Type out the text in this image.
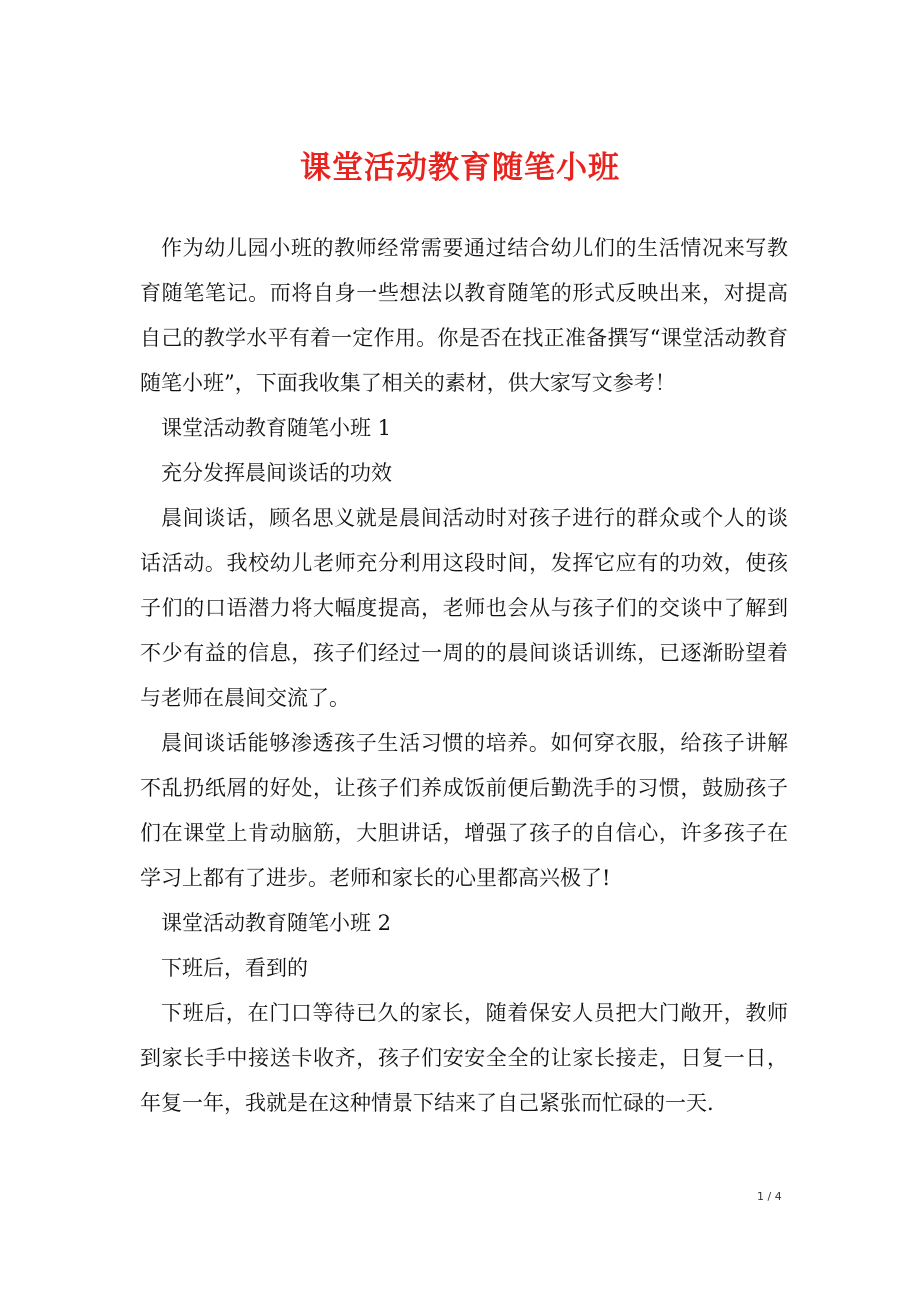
课堂活动教育随笔小班

作为幼儿园小班的教师经常需要通过结合幼儿们的生活情况来写教育随笔笔记。而将自身一些想法以教育随笔的形式反映出来，对提高自己的教学水平有着一定作用。你是否在找正准备撰写“课堂活动教育随笔小班”，下面我收集了相关的素材，供大家写文参考！

课堂活动教育随笔小班 1

充分发挥晨间谈话的功效

晨间谈话，顾名思义就是晨间活动时对孩子进行的群众或个人的谈话活动。我校幼儿老师充分利用这段时间，发挥它应有的功效，使孩子们的口语潜力将大幅度提高，老师也会从与孩子们的交谈中了解到不少有益的信息，孩子们经过一周的的晨间谈话训练，已逐渐盼望着与老师在晨间交流了。

晨间谈话能够渗透孩子生活习惯的培养。如何穿衣服，给孩子讲解不乱扔纸屑的好处，让孩子们养成饭前便后勤洗手的习惯，鼓励孩子们在课堂上肯动脑筋，大胆讲话，增强了孩子的自信心，许多孩子在学习上都有了进步。老师和家长的心里都高兴极了!

课堂活动教育随笔小班 2

下班后，看到的

下班后，在门口等待已久的家长，随着保安人员把大门敞开，教师到家长手中接送卡收齐，孩子们安安全全的让家长接走，日复一日，年复一年，我就是在这种情景下结来了自己紧张而忙碌的一天.

1 / 4
